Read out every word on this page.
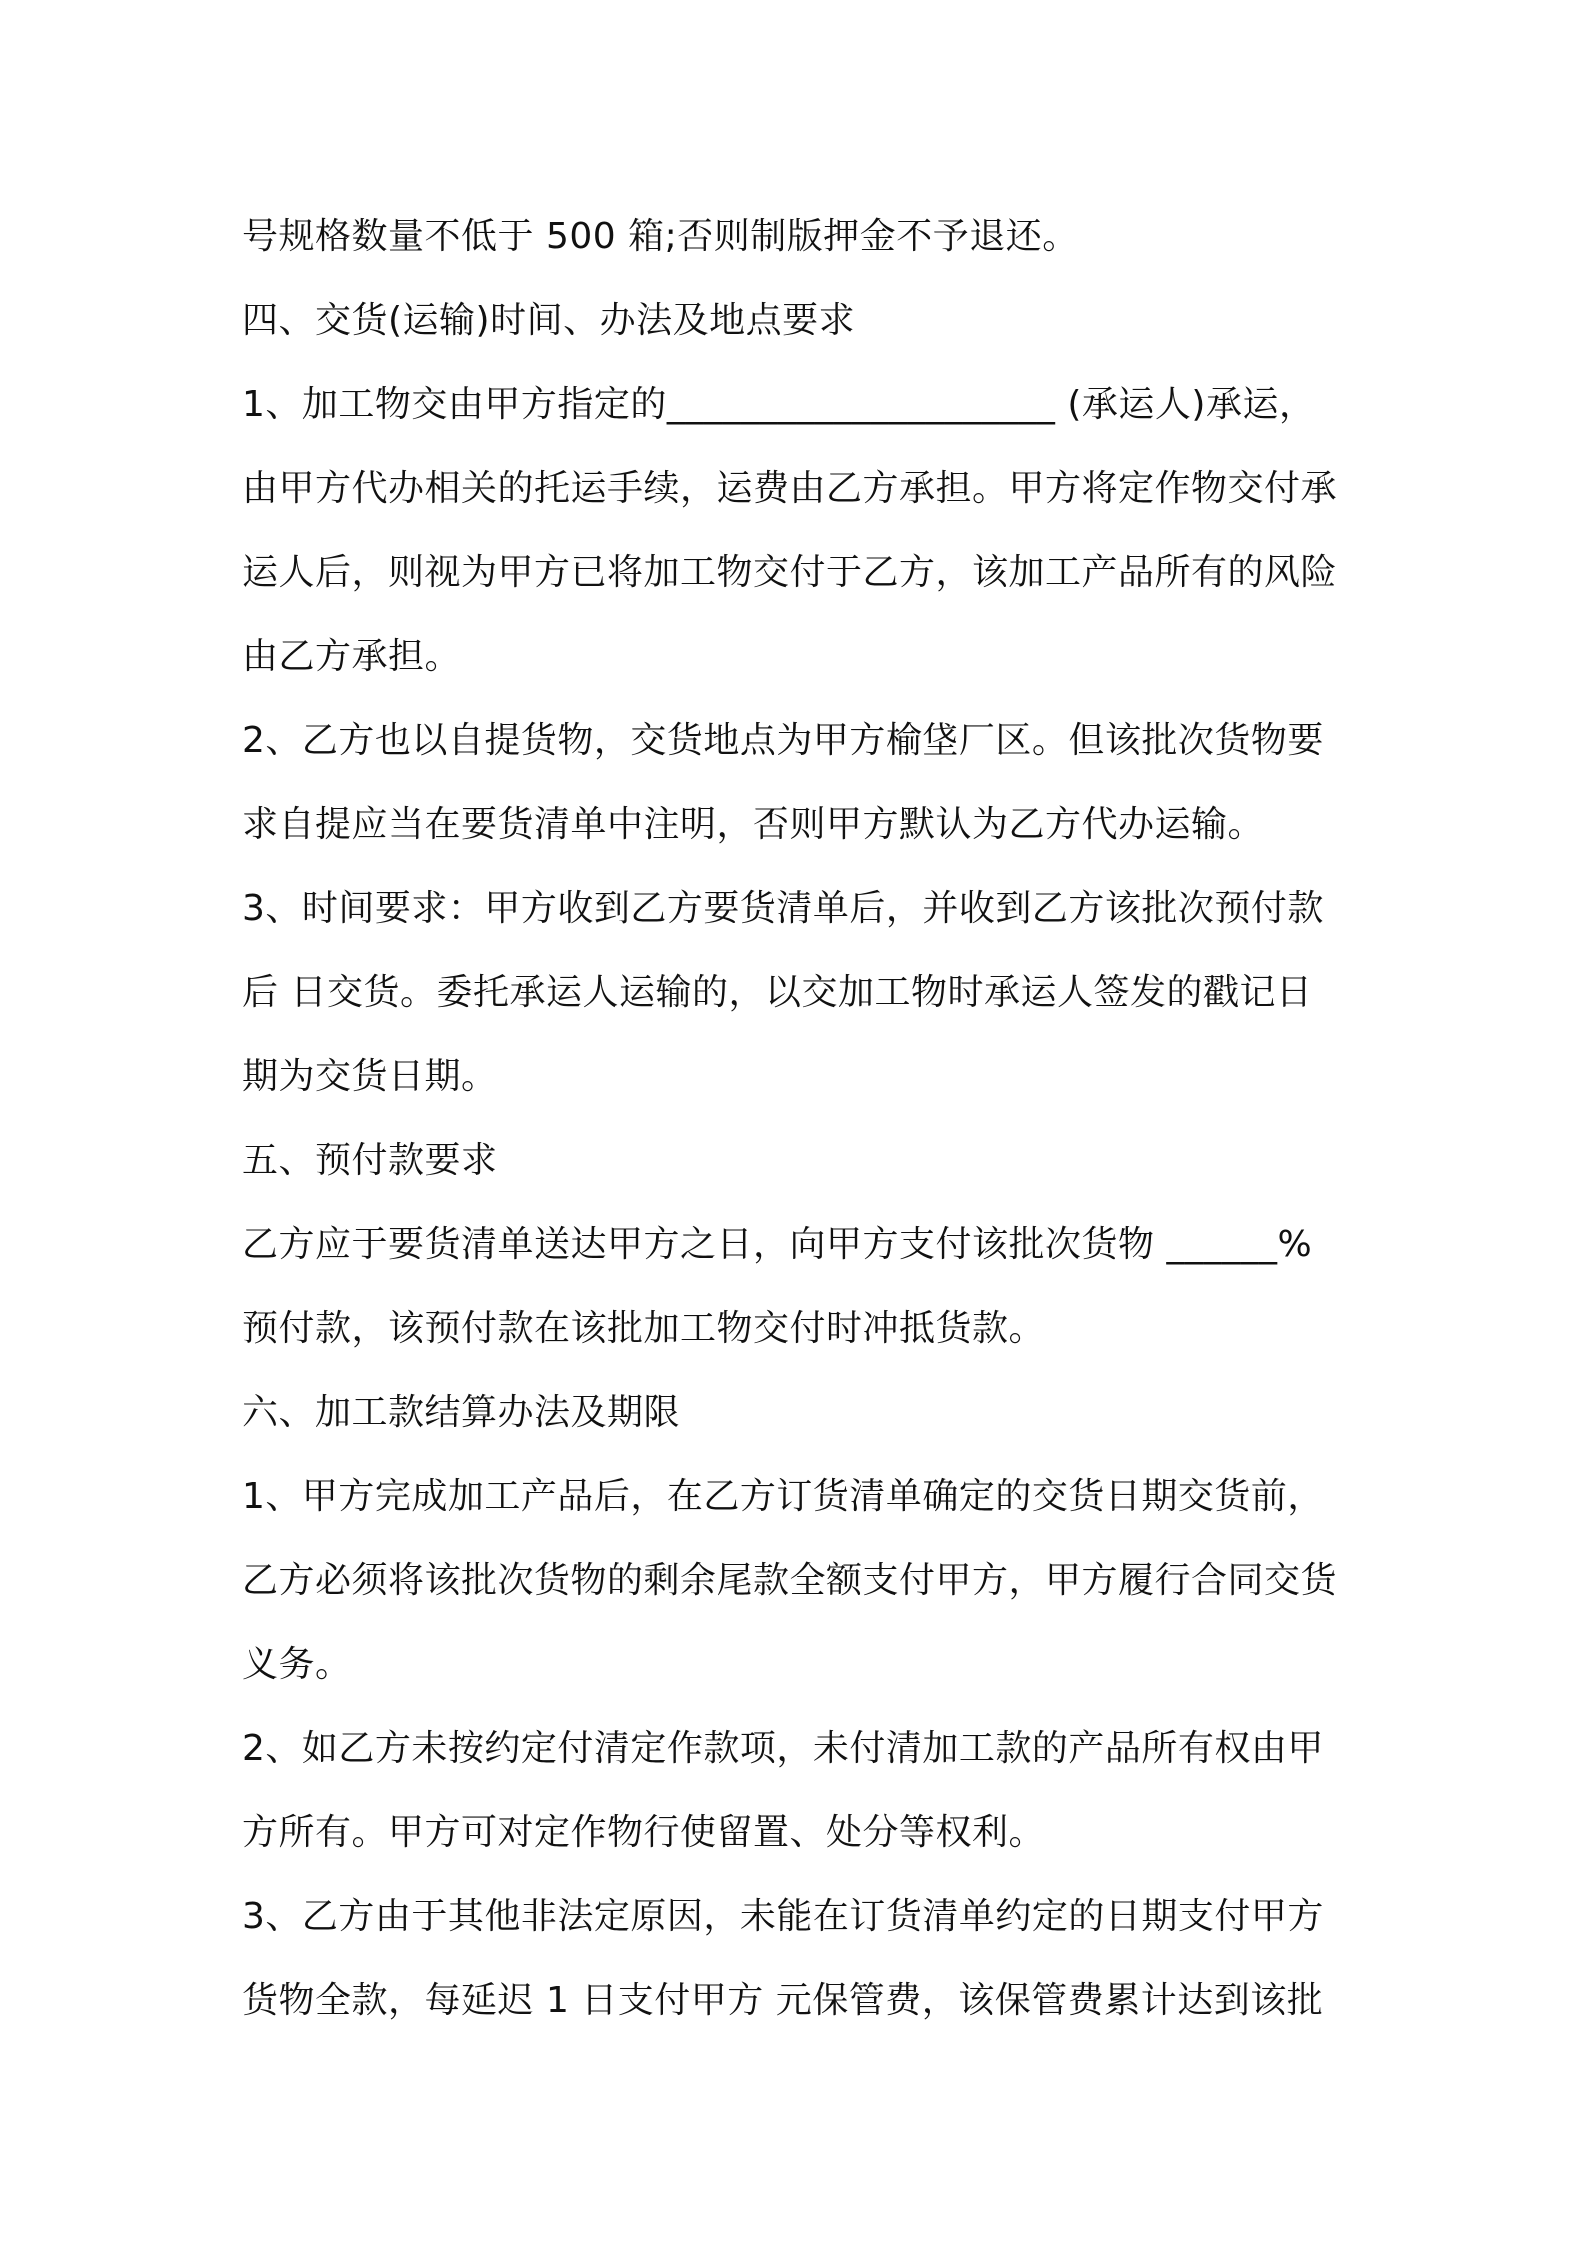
号规格数量不低于 500 箱;否则制版押金不予退还。
四、交货(运输)时间、办法及地点要求
1、加工物交由甲方指定的_____________________ (承运人)承运，
由甲方代办相关的托运手续，运费由乙方承担。甲方将定作物交付承
运人后，则视为甲方已将加工物交付于乙方，该加工产品所有的风险
由乙方承担。
2、乙方也以自提货物，交货地点为甲方榆垡厂区。但该批次货物要
求自提应当在要货清单中注明，否则甲方默认为乙方代办运输。
3、时间要求：甲方收到乙方要货清单后，并收到乙方该批次预付款
后 日交货。委托承运人运输的，以交加工物时承运人签发的戳记日
期为交货日期。
五、预付款要求
乙方应于要货清单送达甲方之日，向甲方支付该批次货物 ______%
预付款，该预付款在该批加工物交付时冲抵货款。
六、加工款结算办法及期限
1、甲方完成加工产品后，在乙方订货清单确定的交货日期交货前，
乙方必须将该批次货物的剩余尾款全额支付甲方，甲方履行合同交货
义务。
2、如乙方未按约定付清定作款项，未付清加工款的产品所有权由甲
方所有。甲方可对定作物行使留置、处分等权利。
3、乙方由于其他非法定原因，未能在订货清单约定的日期支付甲方
货物全款，每延迟 1 日支付甲方 元保管费，该保管费累计达到该批
